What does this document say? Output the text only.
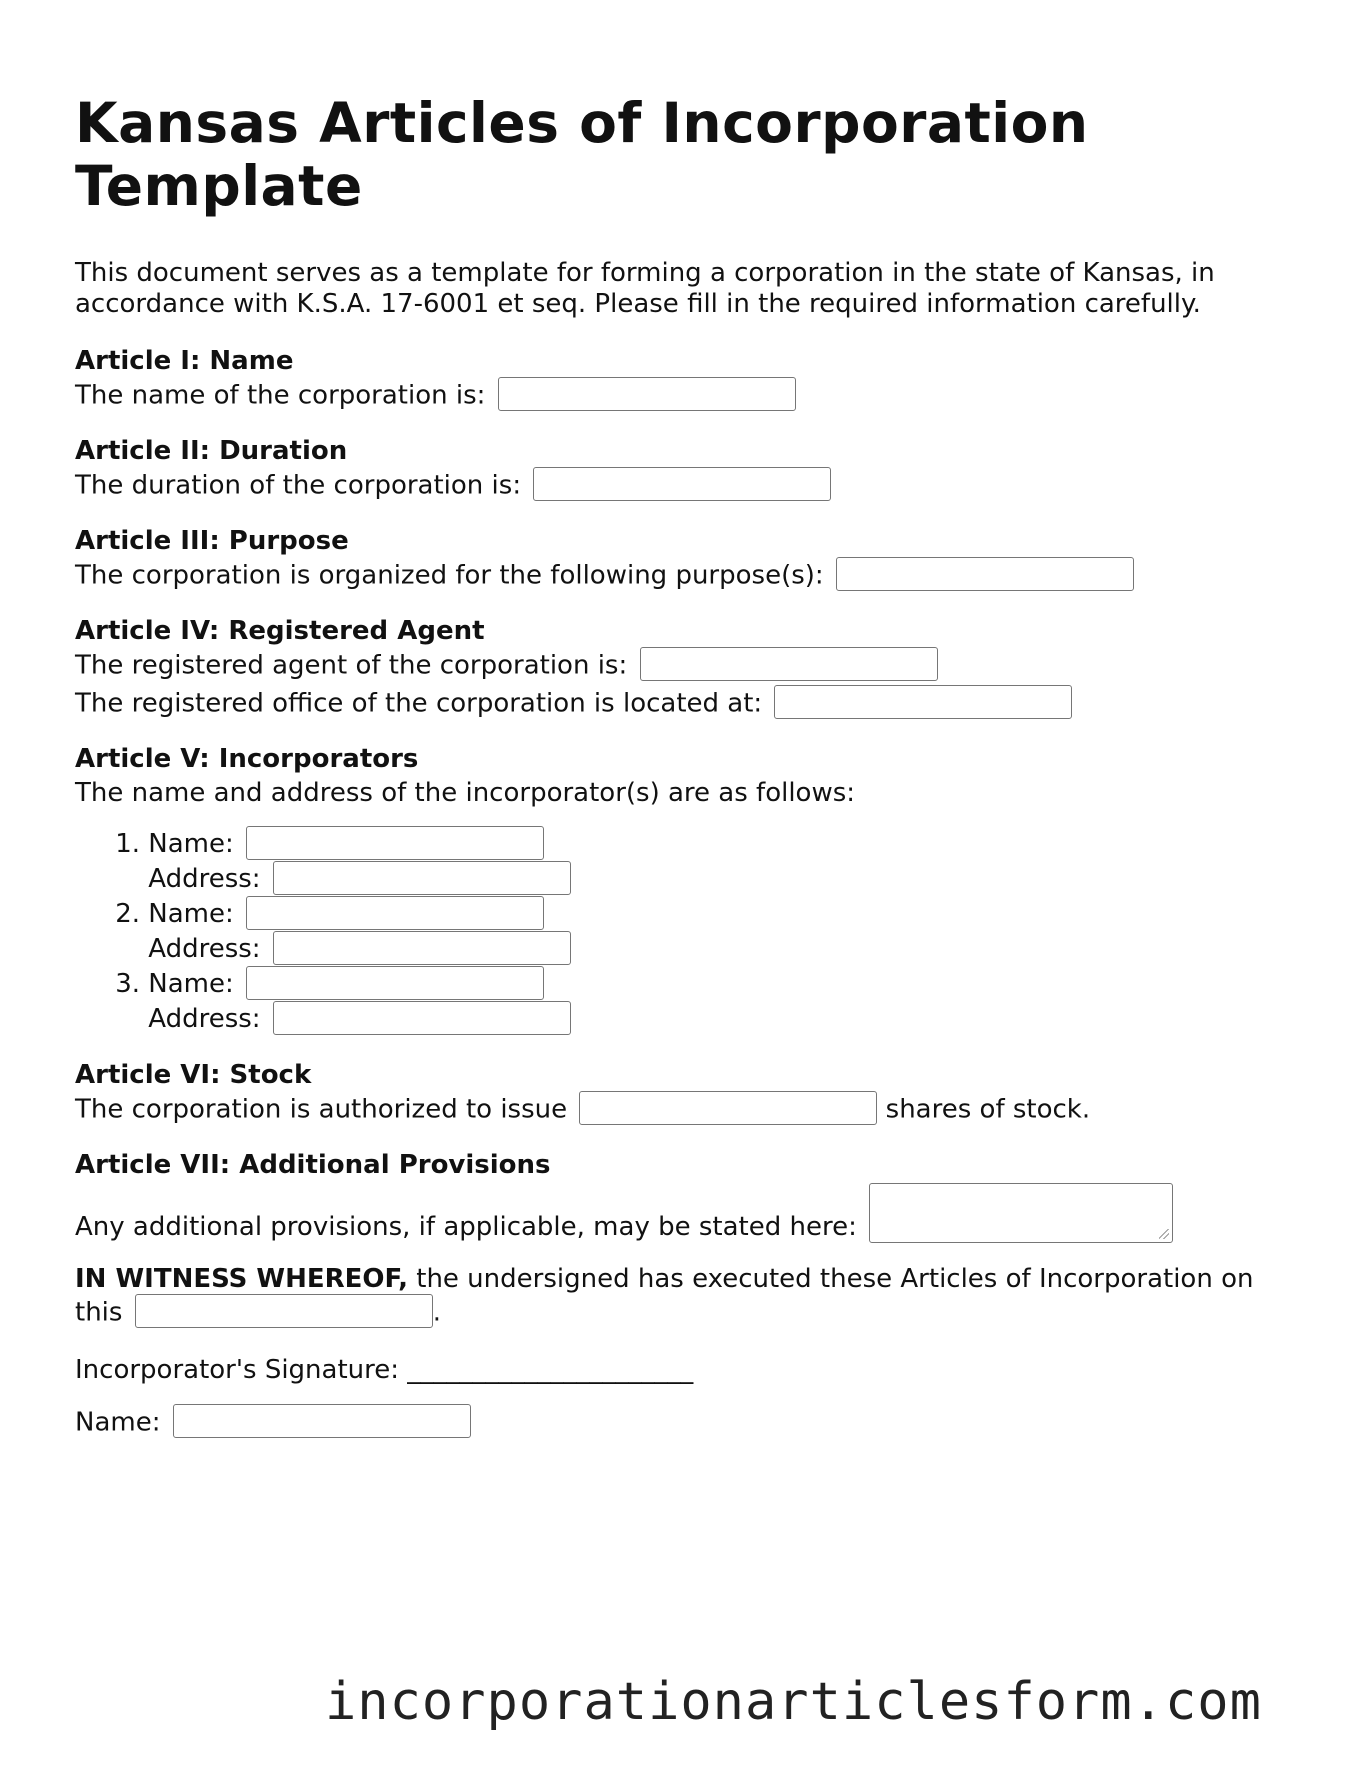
Kansas Articles of Incorporation Template
This document serves as a template for forming a corporation in the state of Kansas, in accordance with K.S.A. 17-6001 et seq. Please fill in the required information carefully.
Article I: Name
The name of the corporation is:
Article II: Duration
The duration of the corporation is:
Article III: Purpose
The corporation is organized for the following purpose(s):
Article IV: Registered Agent
The registered agent of the corporation is:
The registered office of the corporation is located at:
Article V: Incorporators
The name and address of the incorporator(s) are as follows:
1. Name:
Address:
2. Name:
Address:
3. Name:
Address:
Article VI: Stock
The corporation is authorized to issue	shares of stock.
Article VII: Additional Provisions
Any additional provisions, if applicable, may be stated here:
IN WITNESS WHEREOF, the undersigned has executed these Articles of Incorporation on this	.
Incorporator's Signature: ______________________
Name:
incorporationarticlesform.com
